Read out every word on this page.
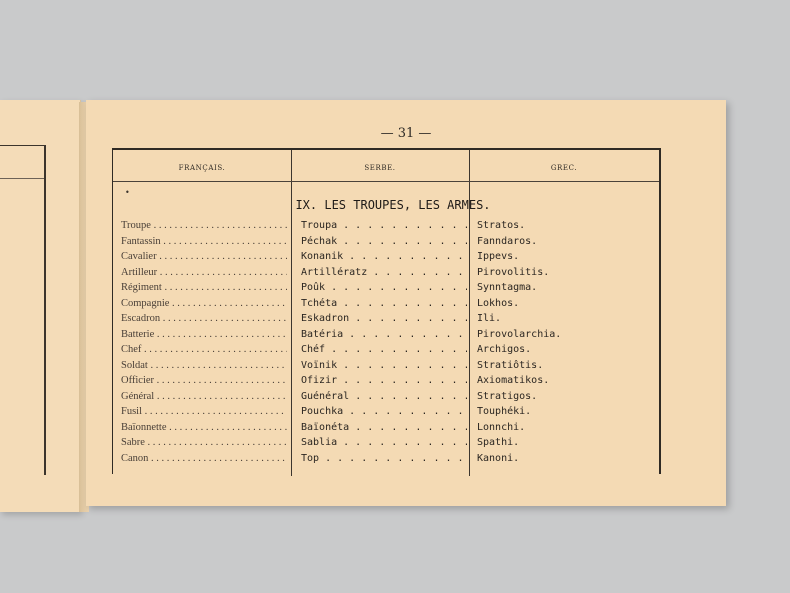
— 31 —
FRANÇAIS.	SERBE.	GREC.
•
IX. LES TROUPES, LES ARMES.
Troupe . . .	Troupa . . .	Stratos.
Fantassin . . .	Péchak . . .	Fanndaros.
Cavalier . . .	Konanik . . .	Ippevs.
Artilleur . . .	Artillératz . . .	Pirovolitis.
Régiment . . .	Poûk . . .	Synntagma.
Compagnie . . .	Tchéta . . .	Lokhos.
Escadron . . .	Eskadron . . .	Ili.
Batterie . . .	Batéria . . .	Pirovolarchia.
Chef . . .	Chéf . . .	Archigos.
Soldat . . .	Voïnik . . .	Stratiôtis.
Officier . . .	Ofizir . . .	Axiomatikos.
Général . . .	Guénéral . . .	Stratigos.
Fusil . . .	Pouchka . . .	Touphéki.
Baïonnette . . .	Baïonéta . . .	Lonnchi.
Sabre . . .	Sablia . . .	Spathi.
Canon . . .	Top . . .	Kanoni.
